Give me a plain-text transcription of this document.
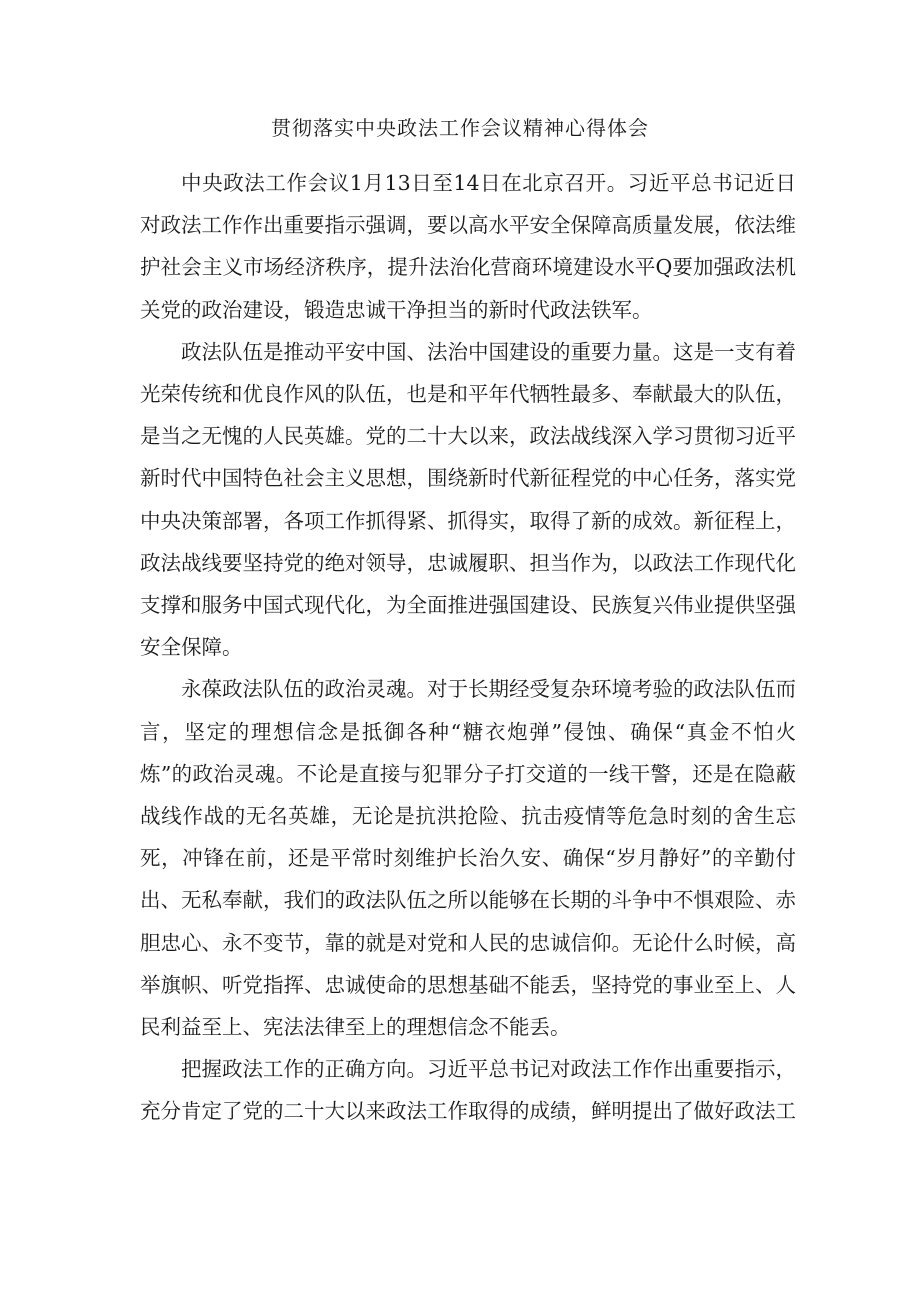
贯彻落实中央政法工作会议精神心得体会

中央政法工作会议1月13日至14日在北京召开。习近平总书记近日对政法工作作出重要指示强调，要以高水平安全保障高质量发展，依法维护社会主义市场经济秩序，提升法治化营商环境建设水平Q要加强政法机关党的政治建设，锻造忠诚干净担当的新时代政法铁军。

政法队伍是推动平安中国、法治中国建设的重要力量。这是一支有着光荣传统和优良作风的队伍，也是和平年代牺牲最多、奉献最大的队伍，是当之无愧的人民英雄。党的二十大以来，政法战线深入学习贯彻习近平新时代中国特色社会主义思想，围绕新时代新征程党的中心任务，落实党中央决策部署，各项工作抓得紧、抓得实，取得了新的成效。新征程上，政法战线要坚持党的绝对领导，忠诚履职、担当作为，以政法工作现代化支撑和服务中国式现代化，为全面推进强国建设、民族复兴伟业提供坚强安全保障。

永葆政法队伍的政治灵魂。对于长期经受复杂环境考验的政法队伍而言，坚定的理想信念是抵御各种“糖衣炮弹”侵蚀、确保“真金不怕火炼”的政治灵魂。不论是直接与犯罪分子打交道的一线干警，还是在隐蔽战线作战的无名英雄，无论是抗洪抢险、抗击疫情等危急时刻的舍生忘死，冲锋在前，还是平常时刻维护长治久安、确保“岁月静好”的辛勤付出、无私奉献，我们的政法队伍之所以能够在长期的斗争中不惧艰险、赤胆忠心、永不变节，靠的就是对党和人民的忠诚信仰。无论什么时候，高举旗帜、听党指挥、忠诚使命的思想基础不能丢，坚持党的事业至上、人民利益至上、宪法法律至上的理想信念不能丢。

把握政法工作的正确方向。习近平总书记对政法工作作出重要指示，充分肯定了党的二十大以来政法工作取得的成绩，鲜明提出了做好政法工
